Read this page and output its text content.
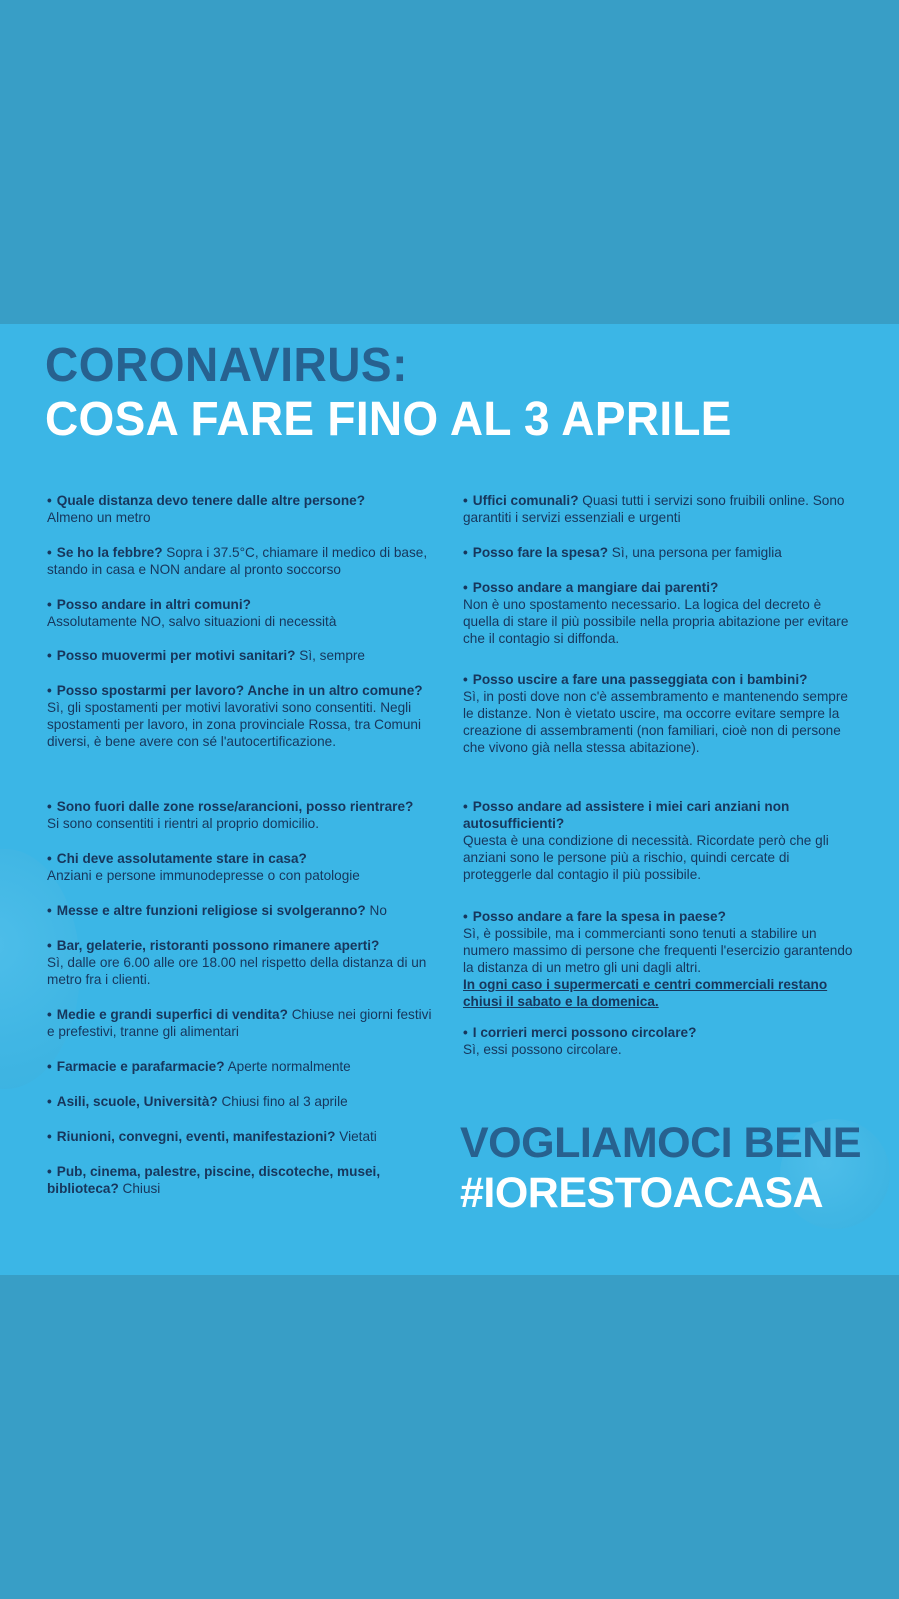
CORONAVIRUS:
COSA FARE FINO AL 3 APRILE
• Quale distanza devo tenere dalle altre persone?
Almeno un metro
• Se ho la febbre? Sopra i 37.5°C, chiamare il medico di base, stando in casa e NON andare al pronto soccorso
• Posso andare in altri comuni?
Assolutamente NO, salvo situazioni di necessità
• Posso muovermi per motivi sanitari? Sì, sempre
• Posso spostarmi per lavoro? Anche in un altro comune?
Sì, gli spostamenti per motivi lavorativi sono consentiti. Negli spostamenti per lavoro, in zona provinciale Rossa, tra Comuni diversi, è bene avere con sé l'autocertificazione.
• Sono fuori dalle zone rosse/arancioni, posso rientrare?
Si sono consentiti i rientri al proprio domicilio.
• Chi deve assolutamente stare in casa?
Anziani e persone immunodepresse o con patologie
• Messe e altre funzioni religiose si svolgeranno? No
• Bar, gelaterie, ristoranti possono rimanere aperti?
Sì, dalle ore 6.00 alle ore 18.00 nel rispetto della distanza di un metro fra i clienti.
• Medie e grandi superfici di vendita? Chiuse nei giorni festivi e prefestivi, tranne gli alimentari
• Farmacie e parafarmacie? Aperte normalmente
• Asili, scuole, Università? Chiusi fino al 3 aprile
• Riunioni, convegni, eventi, manifestazioni? Vietati
• Pub, cinema, palestre, piscine, discoteche, musei, biblioteca? Chiusi
• Uffici comunali? Quasi tutti i servizi sono fruibili online. Sono garantiti i servizi essenziali e urgenti
• Posso fare la spesa? Sì, una persona per famiglia
• Posso andare a mangiare dai parenti?
Non è uno spostamento necessario. La logica del decreto è quella di stare il più possibile nella propria abitazione per evitare che il contagio si diffonda.
• Posso uscire a fare una passeggiata con i bambini?
Sì, in posti dove non c'è assembramento e mantenendo sempre le distanze. Non è vietato uscire, ma occorre evitare sempre la creazione di assembramenti (non familiari, cioè non di persone che vivono già nella stessa abitazione).
• Posso andare ad assistere i miei cari anziani non autosufficienti?
Questa è una condizione di necessità. Ricordate però che gli anziani sono le persone più a rischio, quindi cercate di proteggerle dal contagio il più possibile.
• Posso andare a fare la spesa in paese?
Sì, è possibile, ma i commercianti sono tenuti a stabilire un numero massimo di persone che frequenti l'esercizio garantendo la distanza di un metro gli uni dagli altri.
In ogni caso i supermercati e centri commerciali restano chiusi il sabato e la domenica.
• I corrieri merci possono circolare?
Sì, essi possono circolare.
VOGLIAMOCI BENE
#IORESTOACASA
